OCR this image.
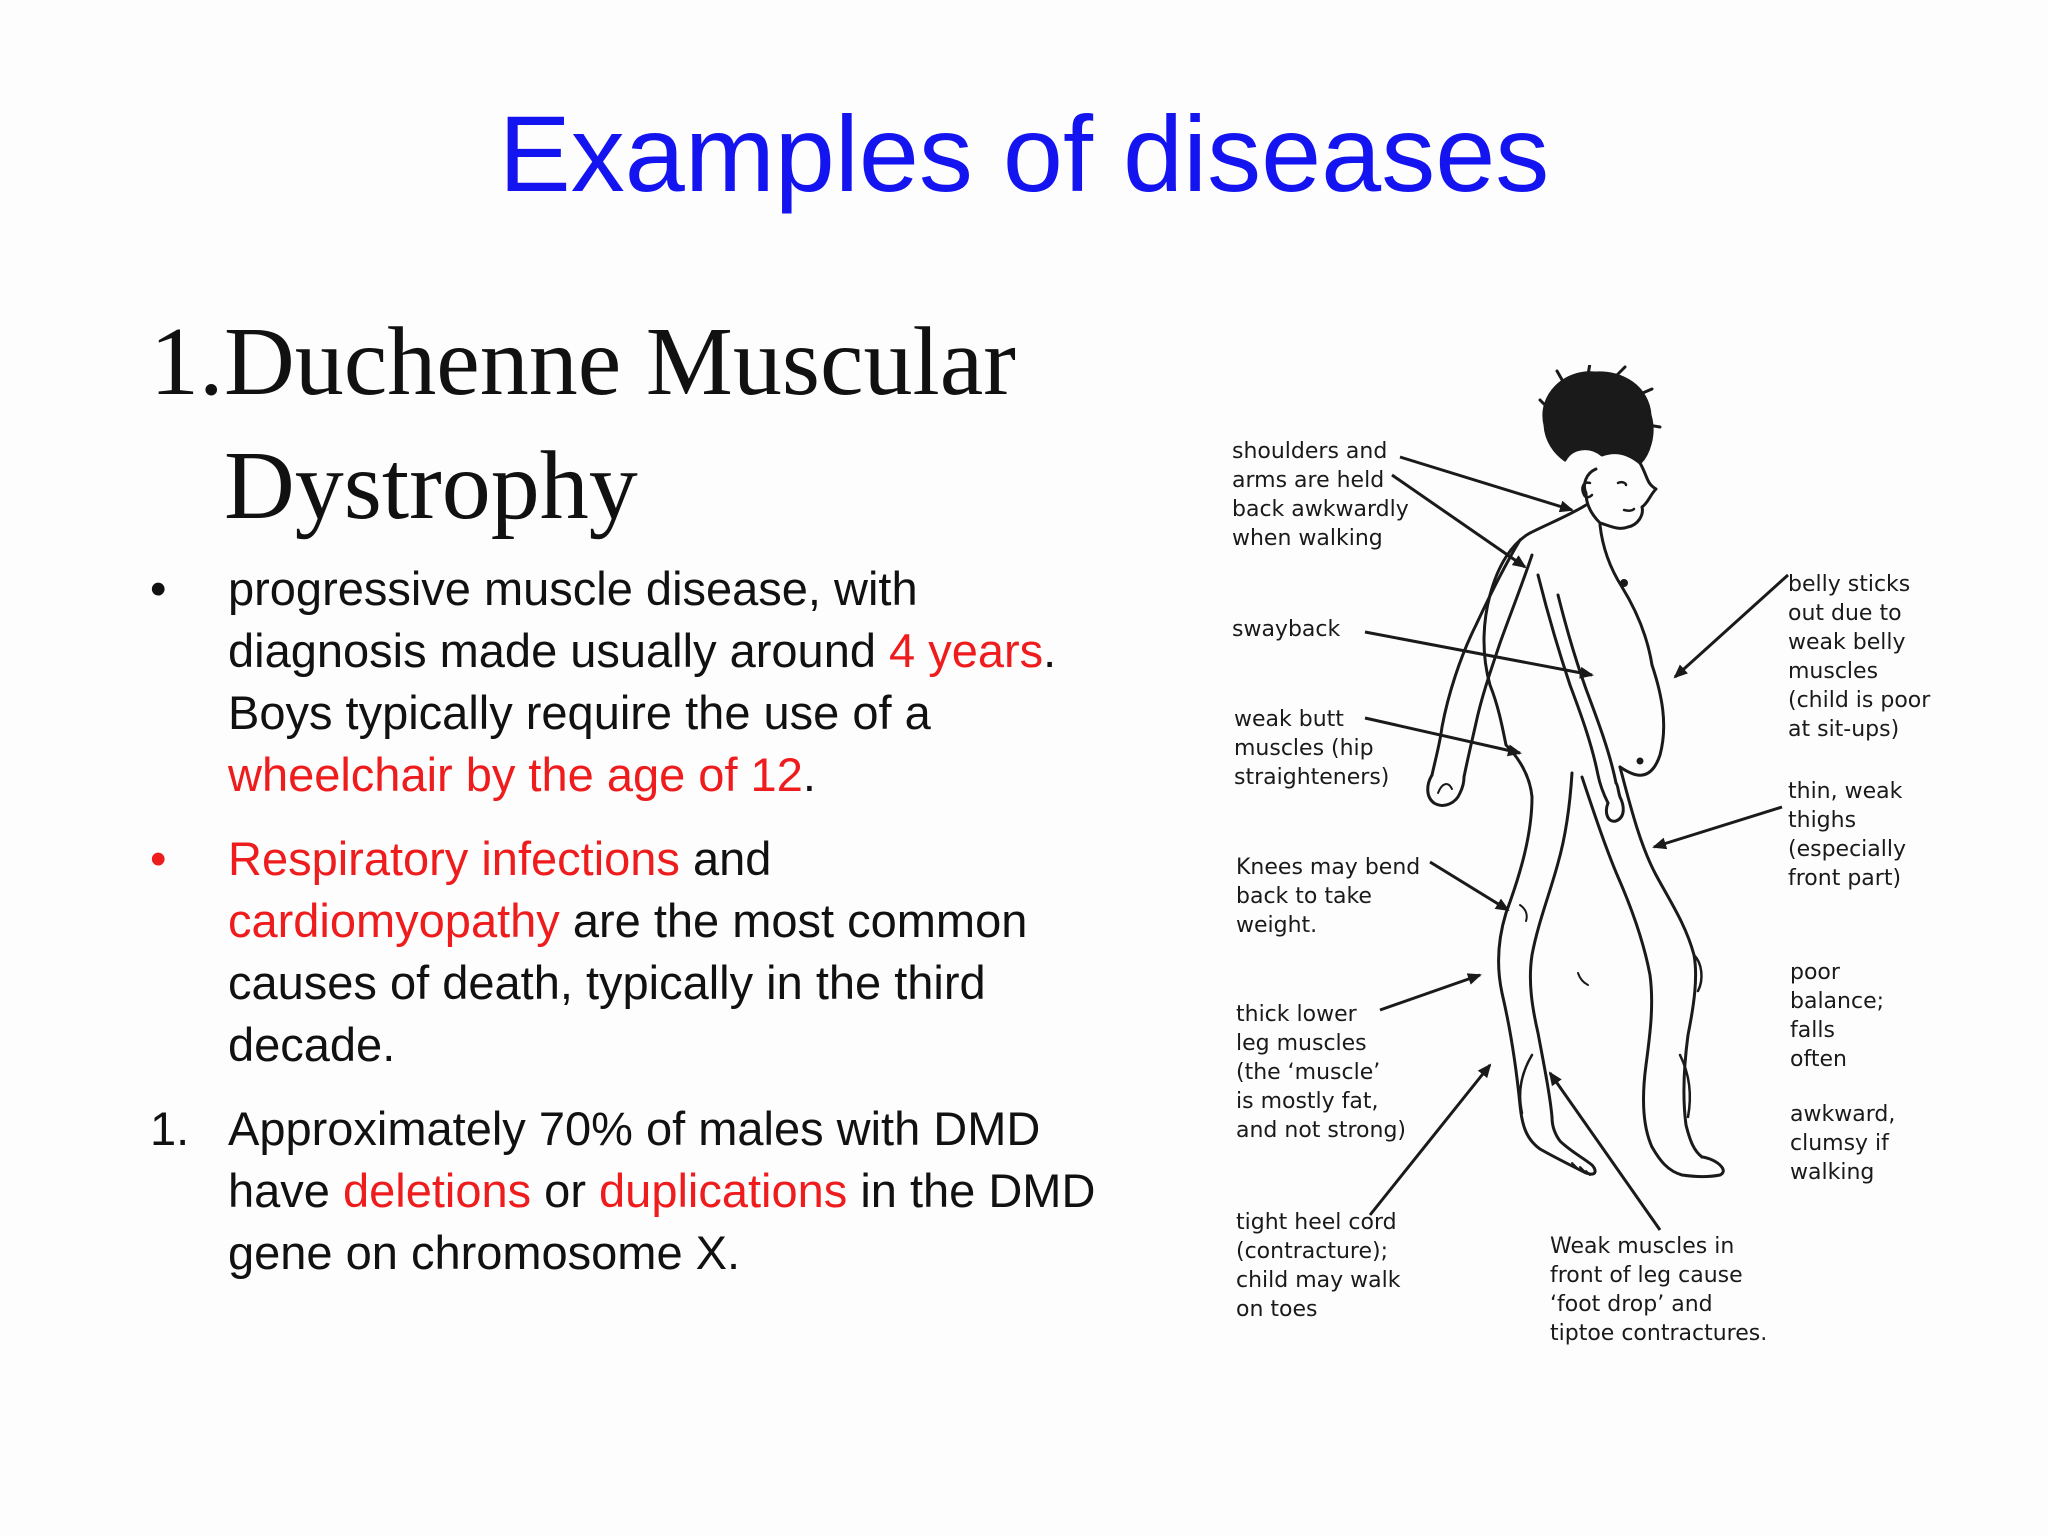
Examples of diseases
1. Duchenne Muscular Dystrophy
•	progressive muscle disease, with diagnosis made usually around 4 years. Boys typically require the use of a wheelchair by the age of 12.
•	Respiratory infections and cardiomyopathy are the most common causes of death, typically in the third decade.
1. Approximately 70% of males with DMD have deletions or duplications in the DMD gene on chromosome X.
shoulders and
arms are held
back awkwardly
when walking
swayback
weak butt
muscles (hip
straighteners)
Knees may bend
back to take
weight.
thick lower
leg muscles
(the ‘muscle’
is mostly fat,
and not strong)
tight heel cord
(contracture);
child may walk
on toes
Weak muscles in
front of leg cause
‘foot drop’ and
tiptoe contractures.
belly sticks
out due to
weak belly
muscles
(child is poor
at sit-ups)
thin, weak
thighs
(especially
front part)
poor
balance;
falls
often
awkward,
clumsy if
walking
